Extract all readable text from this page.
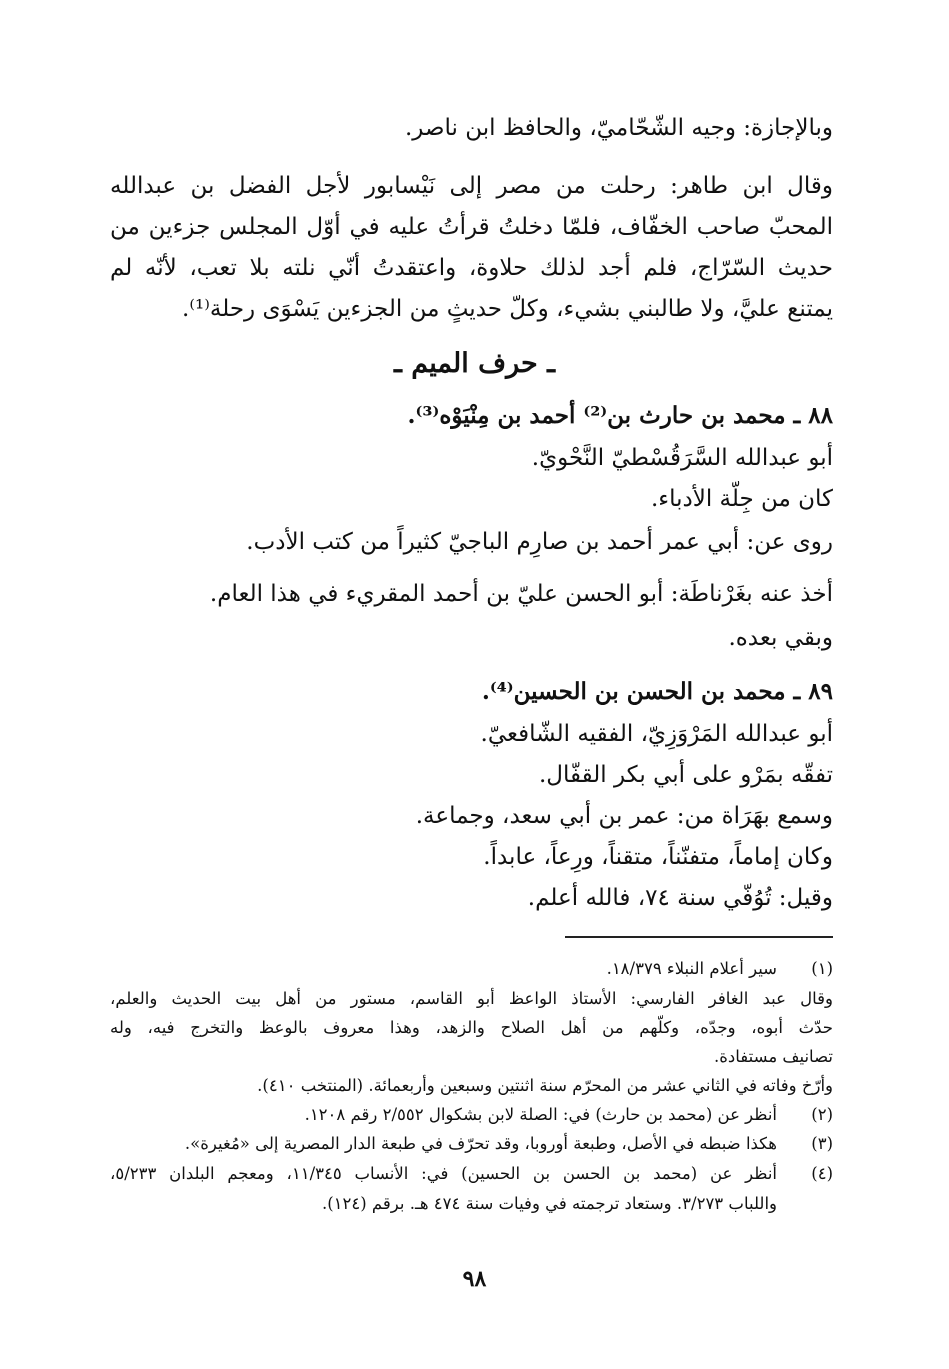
وبالإجازة: وجيه الشّحّاميّ، والحافظ ابن ناصر.
وقال ابن طاهر: رحلت من مصر إلى نَيْسابور لأجل الفضل بن عبدالله
المحبّ صاحب الخفّاف، فلمّا دخلتُ قرأتُ عليه في أوّل المجلس جزءين من
حديث السّرّاج، فلم أجد لذلك حلاوة، واعتقدتُ أنّي نلته بلا تعب، لأنّه لم
يمتنع عليَّ، ولا طالبني بشيء، وكلّ حديثٍ من الجزءين يَسْوَى رحلة⁽¹⁾.
ـ حرف الميم ـ
٨٨ ـ محمد بن حارث بن⁽²⁾ أحمد بن مِنْيَوْه⁽³⁾.
أبو عبدالله السَّرَقُسْطيّ النَّحْويّ.
كان من جِلّة الأدباء.
روى عن: أبي عمر أحمد بن صارِم الباجيّ كثيراً من كتب الأدب.
أخذ عنه بغَرْناطَة: أبو الحسن عليّ بن أحمد المقريء في هذا العام.
وبقي بعده.
٨٩ ـ محمد بن الحسن بن الحسين⁽⁴⁾.
أبو عبدالله المَرْوَزِيّ، الفقيه الشّافعيّ.
تفقّه بمَرْو على أبي بكر القفّال.
وسمع بهَرَاة من: عمر بن أبي سعد، وجماعة.
وكان إماماً، متفنّناً، متقناً، ورِعاً، عابداً.
وقيل: تُوُفّي سنة ٧٤، فالله أعلم.
(١)
سير أعلام النبلاء ١٨/٣٧٩.
وقال عبد الغافر الفارسي: الأستاذ الواعظ أبو القاسم، مستور من أهل بيت الحديث والعلم،
حدّث أبوه، وجدّه، وكلّهم من أهل الصلاح والزهد، وهذا معروف بالوعظ والتخرج فيه، وله
تصانيف مستفادة.
وأرّخ وفاته في الثاني عشر من المحرّم سنة اثنتين وسبعين وأربعمائة. (المنتخب ٤١٠).
(٢)
أنظر عن (محمد بن حارث) في: الصلة لابن بشكوال ٢/٥٥٢ رقم ١٢٠٨.
(٣)
هكذا ضبطه في الأصل، وطبعة أوروبا، وقد تحرّف في طبعة الدار المصرية إلى «مُغيرة».
(٤)
أنظر عن (محمد بن الحسن بن الحسين) في: الأنساب ١١/٣٤٥، ومعجم البلدان ٥/٢٣٣،
واللباب ٣/٢٧٣. وستعاد ترجمته في وفيات سنة ٤٧٤ هـ. برقم (١٢٤).
٩٨
